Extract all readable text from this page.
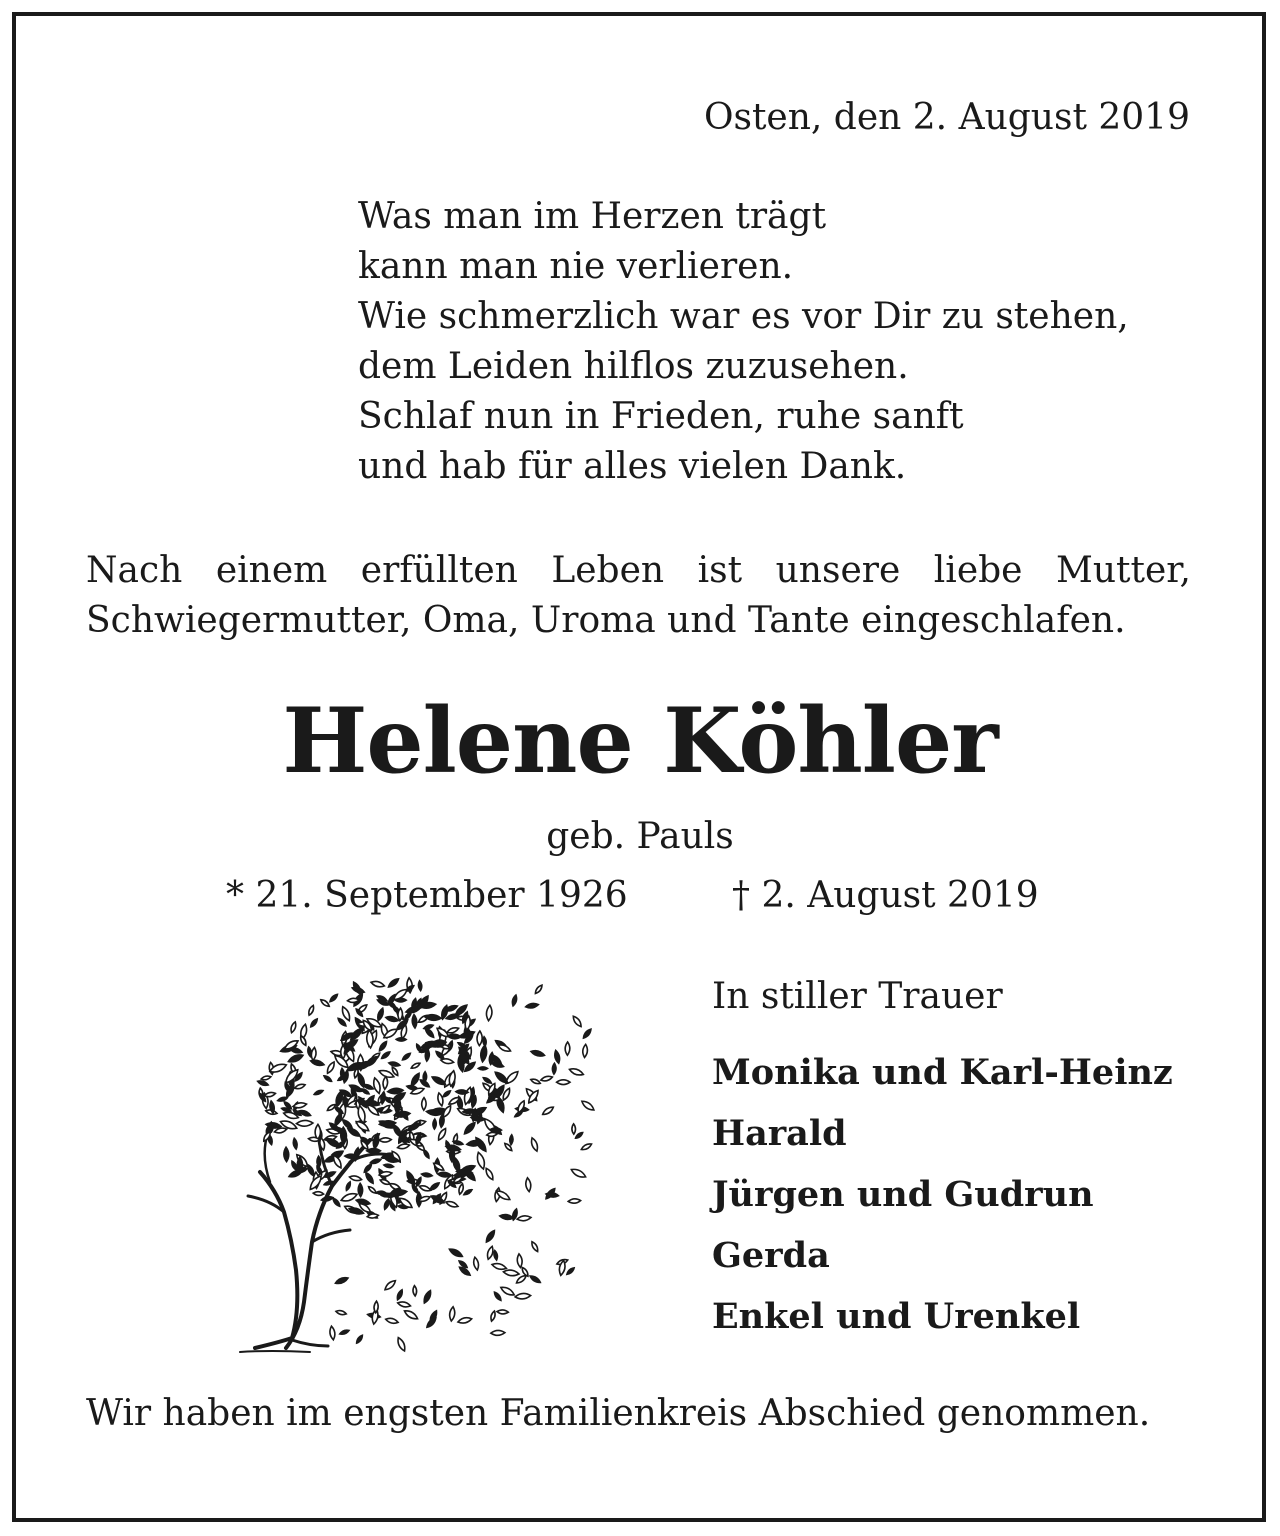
Osten, den 2. August 2019
Was man im Herzen trägt
kann man nie verlieren.
Wie schmerzlich war es vor Dir zu stehen,
dem Leiden hilflos zuzusehen.
Schlaf nun in Frieden, ruhe sanft
und hab für alles vielen Dank.
Nach einem erfüllten Leben ist unsere liebe Mutter,
Schwiegermutter, Oma, Uroma und Tante eingeschlafen.
Helene Köhler
geb. Pauls
* 21. September 1926	† 2. August 2019
In stiller Trauer
Monika und Karl-Heinz
Harald
Jürgen und Gudrun
Gerda
Enkel und Urenkel
Wir haben im engsten Familienkreis Abschied genommen.
